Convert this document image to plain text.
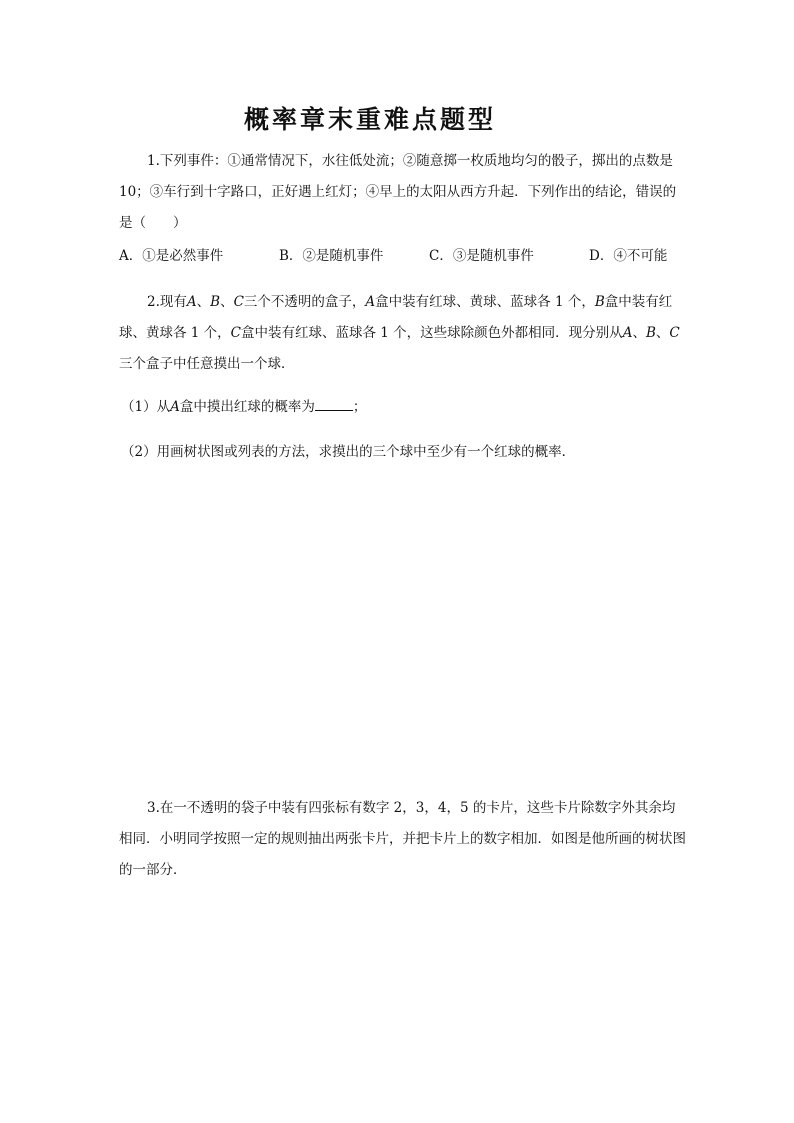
概率章末重难点题型

1.下列事件：①通常情况下，水往低处流；②随意掷一枚质地均匀的骰子，掷出的点数是 10；③车行到十字路口，正好遇上红灯；④早上的太阳从西方升起．下列作出的结论，错误的是（　　）

A．①是必然事件	B．②是随机事件	C．③是随机事件	D．④不可能

2.现有A、B、C三个不透明的盒子，A盒中装有红球、黄球、蓝球各 1 个，B盒中装有红球、黄球各 1 个，C盒中装有红球、蓝球各 1 个，这些球除颜色外都相同．现分别从A、B、C三个盒子中任意摸出一个球．

（1）从A盒中摸出红球的概率为	；
（2）用画树状图或列表的方法，求摸出的三个球中至少有一个红球的概率．

3.在一不透明的袋子中装有四张标有数字 2，3，4，5 的卡片，这些卡片除数字外其余均相同．小明同学按照一定的规则抽出两张卡片，并把卡片上的数字相加．如图是他所画的树状图的一部分．
